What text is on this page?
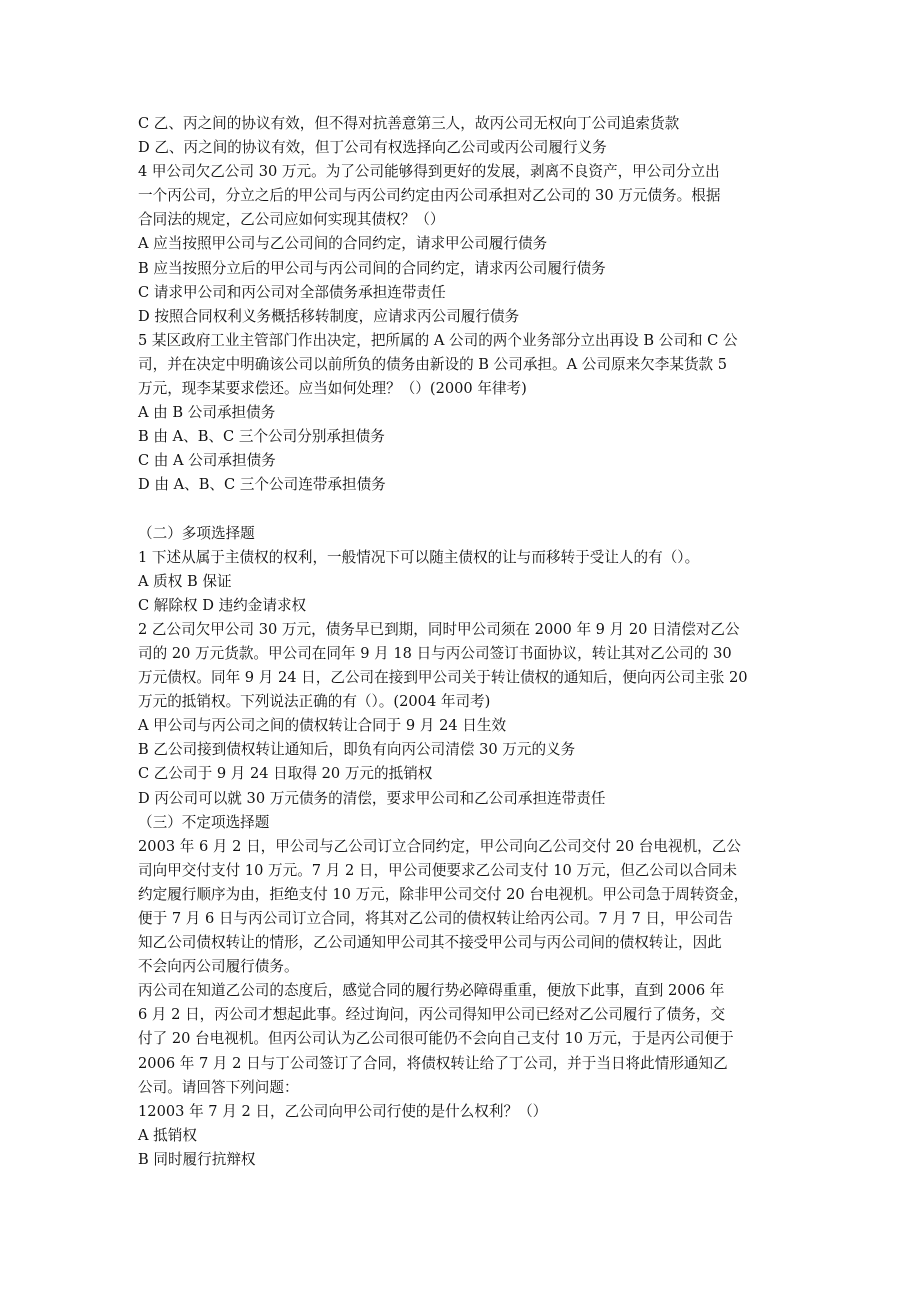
C 乙、丙之间的协议有效，但不得对抗善意第三人，故丙公司无权向丁公司追索货款
D 乙、丙之间的协议有效，但丁公司有权选择向乙公司或丙公司履行义务
4 甲公司欠乙公司 30 万元。为了公司能够得到更好的发展，剥离不良资产，甲公司分立出
一个丙公司，分立之后的甲公司与丙公司约定由丙公司承担对乙公司的 30 万元债务。根据
合同法的规定，乙公司应如何实现其债权？（）
A 应当按照甲公司与乙公司间的合同约定，请求甲公司履行债务
B 应当按照分立后的甲公司与丙公司间的合同约定，请求丙公司履行债务
C 请求甲公司和丙公司对全部债务承担连带责任
D 按照合同权利义务概括移转制度，应请求丙公司履行债务
5 某区政府工业主管部门作出决定，把所属的 A 公司的两个业务部分立出再设 B 公司和 C 公
司，并在决定中明确该公司以前所负的债务由新设的 B 公司承担。A 公司原来欠李某货款 5
万元，现李某要求偿还。应当如何处理？（）(2000 年律考)
A 由 B 公司承担债务
B 由 A、B、C 三个公司分别承担债务
C 由 A 公司承担债务
D 由 A、B、C 三个公司连带承担债务
（二）多项选择题
1 下述从属于主债权的权利，一般情况下可以随主债权的让与而移转于受让人的有（）。
A 质权 B 保证
C 解除权 D 违约金请求权
2 乙公司欠甲公司 30 万元，债务早已到期，同时甲公司须在 2000 年 9 月 20 日清偿对乙公
司的 20 万元货款。甲公司在同年 9 月 18 日与丙公司签订书面协议，转让其对乙公司的 30
万元债权。同年 9 月 24 日，乙公司在接到甲公司关于转让债权的通知后，便向丙公司主张 20
万元的抵销权。下列说法正确的有（）。(2004 年司考)
A 甲公司与丙公司之间的债权转让合同于 9 月 24 日生效
B 乙公司接到债权转让通知后，即负有向丙公司清偿 30 万元的义务
C 乙公司于 9 月 24 日取得 20 万元的抵销权
D 丙公司可以就 30 万元债务的清偿，要求甲公司和乙公司承担连带责任
（三）不定项选择题
2003 年 6 月 2 日，甲公司与乙公司订立合同约定，甲公司向乙公司交付 20 台电视机，乙公
司向甲交付支付 10 万元。7 月 2 日，甲公司便要求乙公司支付 10 万元，但乙公司以合同未
约定履行顺序为由，拒绝支付 10 万元，除非甲公司交付 20 台电视机。甲公司急于周转资金，
便于 7 月 6 日与丙公司订立合同，将其对乙公司的债权转让给丙公司。7 月 7 日，甲公司告
知乙公司债权转让的情形，乙公司通知甲公司其不接受甲公司与丙公司间的债权转让，因此
不会向丙公司履行债务。
丙公司在知道乙公司的态度后，感觉合同的履行势必障碍重重，便放下此事，直到 2006 年
6 月 2 日，丙公司才想起此事。经过询问，丙公司得知甲公司已经对乙公司履行了债务，交
付了 20 台电视机。但丙公司认为乙公司很可能仍不会向自己支付 10 万元，于是丙公司便于
2006 年 7 月 2 日与丁公司签订了合同，将债权转让给了丁公司，并于当日将此情形通知乙
公司。请回答下列问题：
12003 年 7 月 2 日，乙公司向甲公司行使的是什么权利？（）
A 抵销权
B 同时履行抗辩权
